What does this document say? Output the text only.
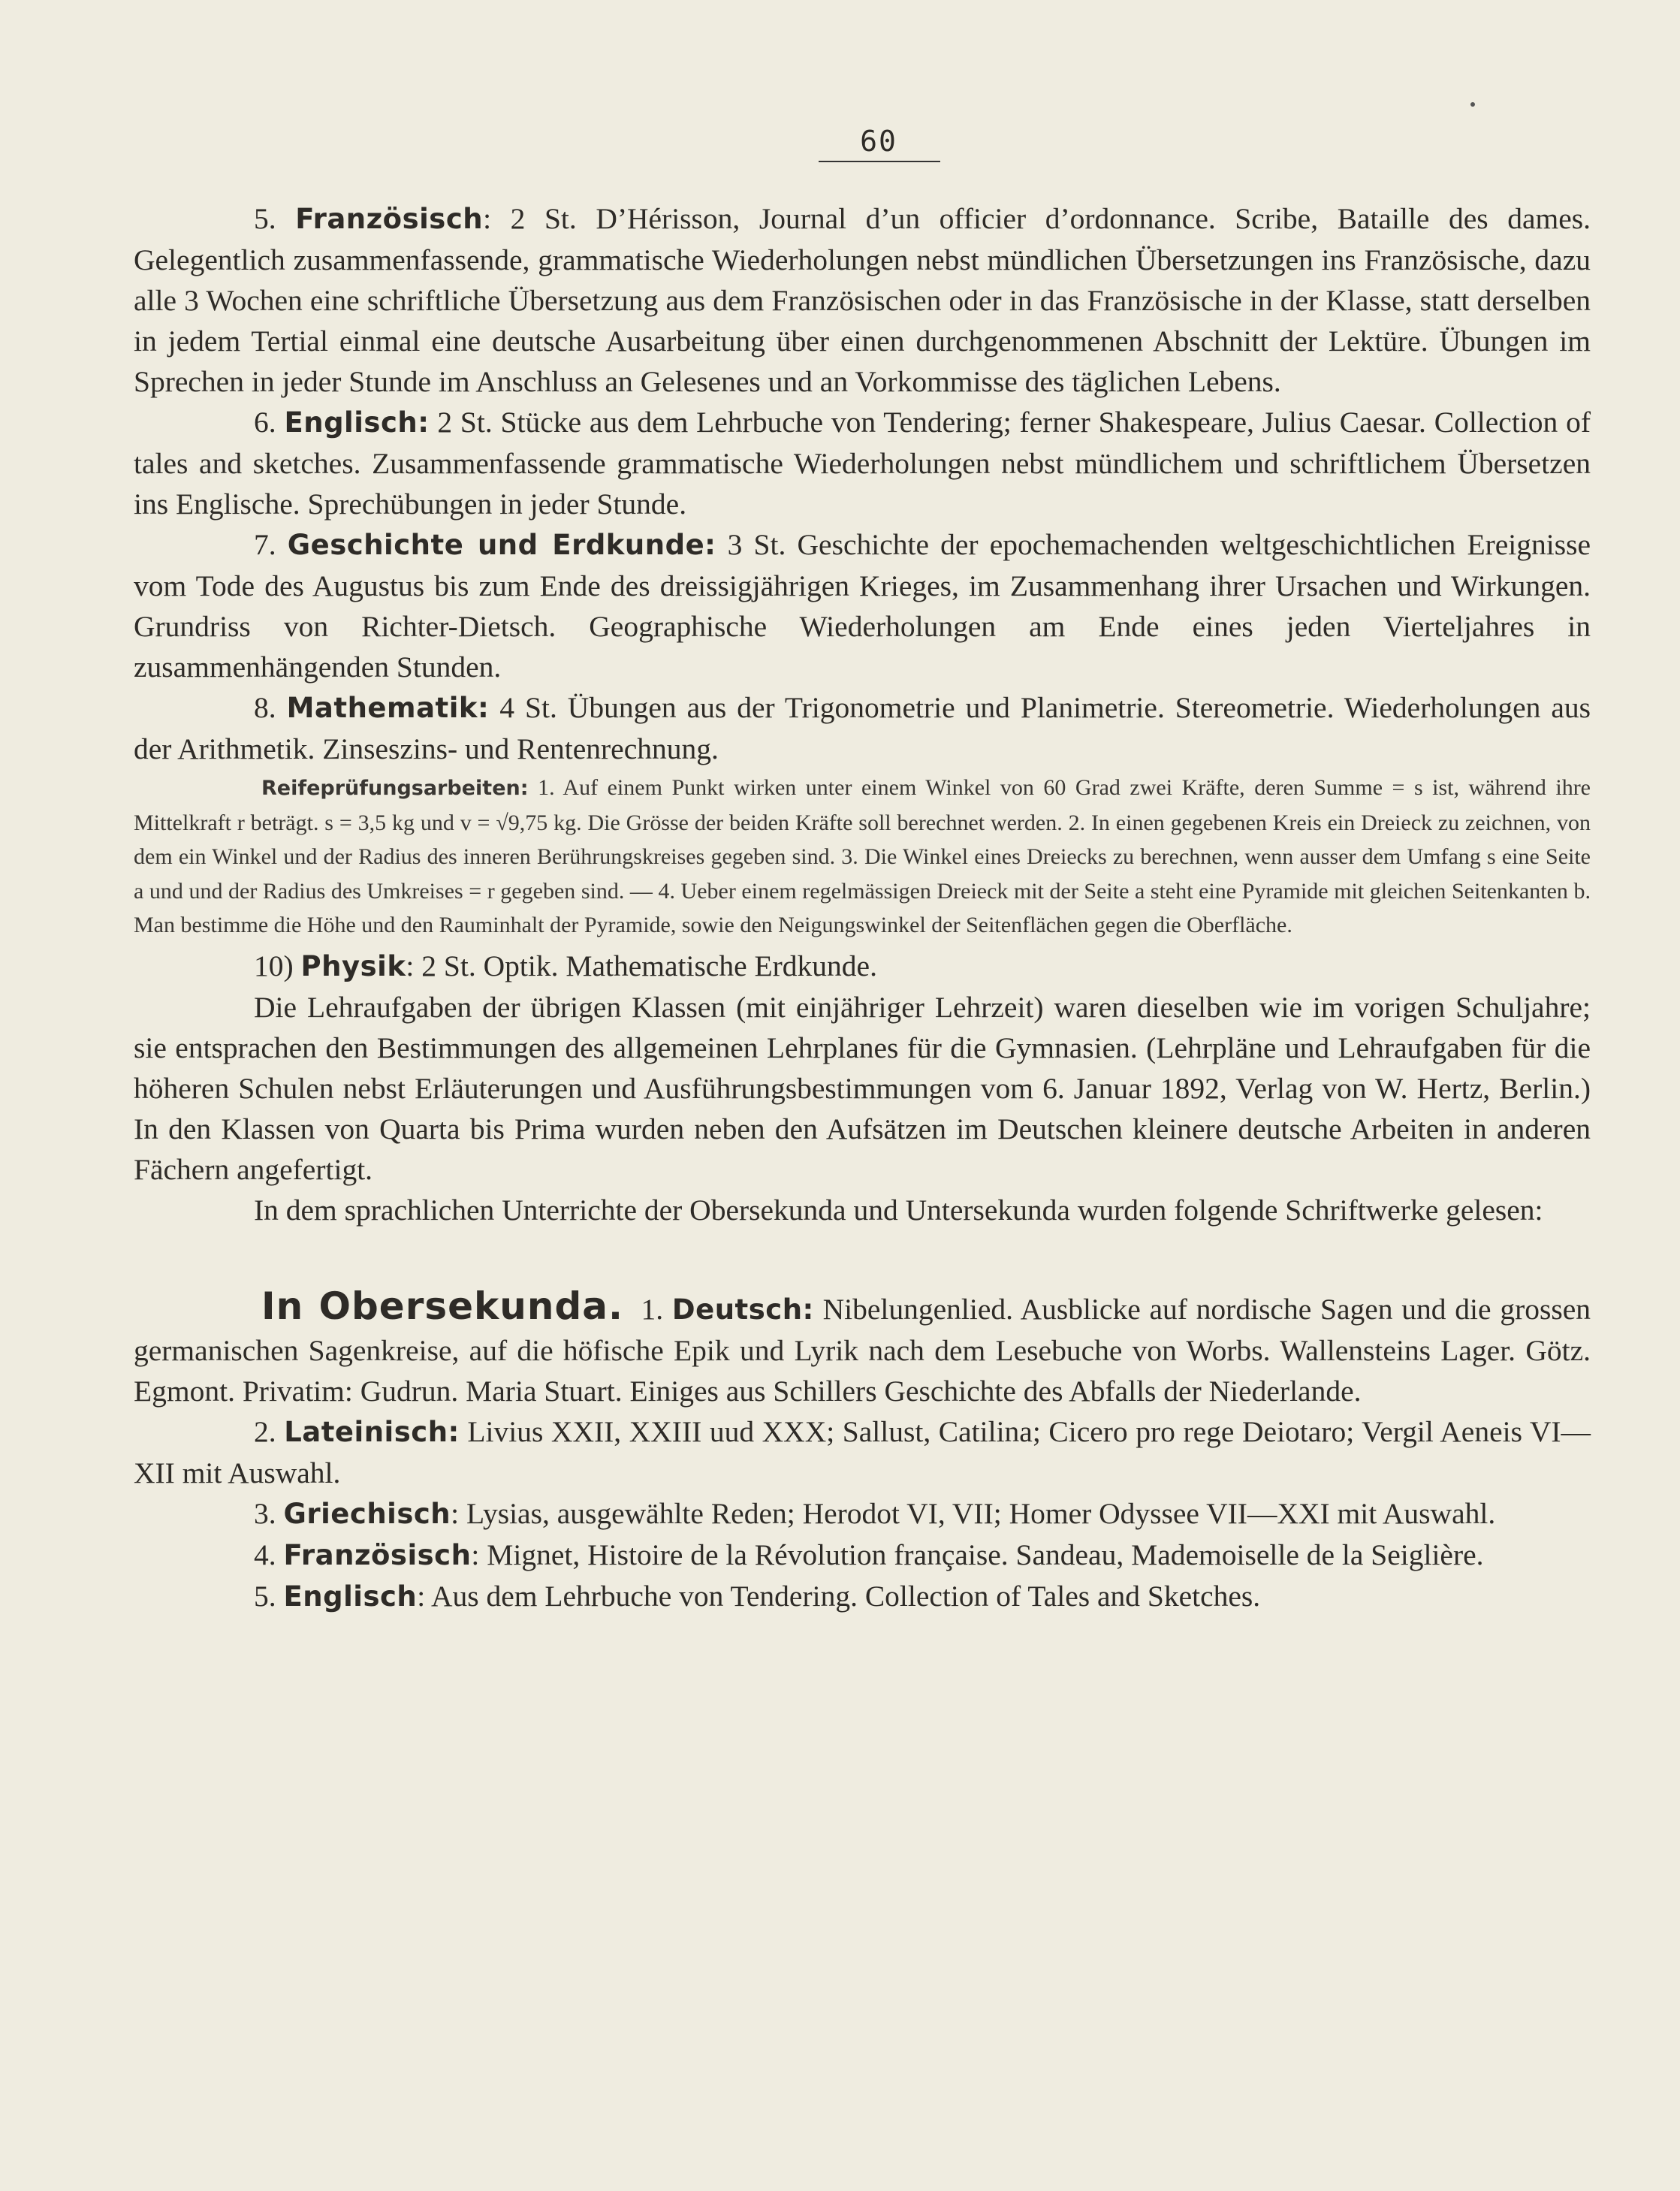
60

5. Französisch: 2 St. D’Hérisson, Journal d’un officier d’ordonnance. Scribe, Bataille des dames. Gelegentlich zusammenfassende, grammatische Wiederholungen nebst mündlichen Übersetzungen ins Französische, dazu alle 3 Wochen eine schriftliche Übersetzung aus dem Französischen oder in das Französische in der Klasse, statt derselben in jedem Tertial einmal eine deutsche Ausarbeitung über einen durchgenommenen Abschnitt der Lektüre. Übungen im Sprechen in jeder Stunde im Anschluss an Gelesenes und an Vorkommisse des täglichen Lebens.

6. Englisch: 2 St. Stücke aus dem Lehrbuche von Tendering; ferner Shakespeare, Julius Caesar. Collection of tales and sketches. Zusammenfassende grammatische Wiederholungen nebst mündlichem und schriftlichem Übersetzen ins Englische. Sprechübungen in jeder Stunde.

7. Geschichte und Erdkunde: 3 St. Geschichte der epochemachenden weltgeschichtlichen Ereignisse vom Tode des Augustus bis zum Ende des dreissigjährigen Krieges, im Zusammenhang ihrer Ursachen und Wirkungen. Grundriss von Richter-Dietsch. Geographische Wiederholungen am Ende eines jeden Vierteljahres in zusammenhängenden Stunden.

8. Mathematik: 4 St. Übungen aus der Trigonometrie und Planimetrie. Stereometrie. Wiederholungen aus der Arithmetik. Zinseszins- und Rentenrechnung.

Reifeprüfungsarbeiten: 1. Auf einem Punkt wirken unter einem Winkel von 60 Grad zwei Kräfte, deren Summe = s ist, während ihre Mittelkraft r beträgt. s = 3,5 kg und v = √9,75 kg. Die Grösse der beiden Kräfte soll berechnet werden. 2. In einen gegebenen Kreis ein Dreieck zu zeichnen, von dem ein Winkel und der Radius des inneren Berührungskreises gegeben sind. 3. Die Winkel eines Dreiecks zu berechnen, wenn ausser dem Umfang s eine Seite a und und der Radius des Umkreises = r gegeben sind. — 4. Ueber einem regelmässigen Dreieck mit der Seite a steht eine Pyramide mit gleichen Seitenkanten b. Man bestimme die Höhe und den Rauminhalt der Pyramide, sowie den Neigungswinkel der Seitenflächen gegen die Oberfläche.

10) Physik: 2 St. Optik. Mathematische Erdkunde.

Die Lehraufgaben der übrigen Klassen (mit einjähriger Lehrzeit) waren dieselben wie im vorigen Schuljahre; sie entsprachen den Bestimmungen des allgemeinen Lehrplanes für die Gymnasien. (Lehrpläne und Lehraufgaben für die höheren Schulen nebst Erläuterungen und Ausführungsbestimmungen vom 6. Januar 1892, Verlag von W. Hertz, Berlin.) In den Klassen von Quarta bis Prima wurden neben den Aufsätzen im Deutschen kleinere deutsche Arbeiten in anderen Fächern angefertigt.

In dem sprachlichen Unterrichte der Obersekunda und Untersekunda wurden folgende Schriftwerke gelesen:

In Obersekunda. 1. Deutsch: Nibelungenlied. Ausblicke auf nordische Sagen und die grossen germanischen Sagenkreise, auf die höfische Epik und Lyrik nach dem Lesebuche von Worbs. Wallensteins Lager. Götz. Egmont. Privatim: Gudrun. Maria Stuart. Einiges aus Schillers Geschichte des Abfalls der Niederlande.

2. Lateinisch: Livius XXII, XXIII uud XXX; Sallust, Catilina; Cicero pro rege Deiotaro; Vergil Aeneis VI—XII mit Auswahl.

3. Griechisch: Lysias, ausgewählte Reden; Herodot VI, VII; Homer Odyssee VII—XXI mit Auswahl.

4. Französisch: Mignet, Histoire de la Révolution française. Sandeau, Mademoiselle de la Seiglière.

5. Englisch: Aus dem Lehrbuche von Tendering. Collection of Tales and Sketches.
